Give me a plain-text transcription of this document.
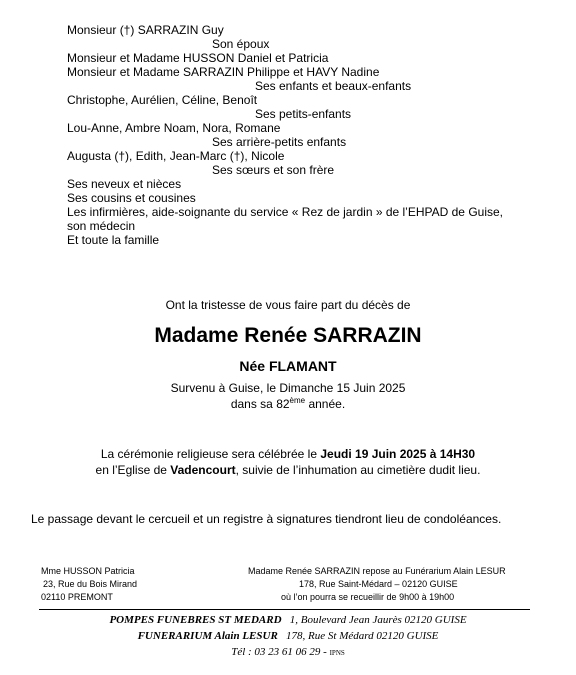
Monsieur (†) SARRAZIN Guy
Son époux
Monsieur et Madame HUSSON Daniel et Patricia
Monsieur et Madame SARRAZIN Philippe et HAVY Nadine
Ses enfants et beaux-enfants
Christophe, Aurélien, Céline, Benoît
Ses petits-enfants
Lou-Anne, Ambre Noam, Nora, Romane
Ses arrière-petits enfants
Augusta (†), Edith, Jean-Marc (†), Nicole
Ses sœurs et son frère
Ses neveux et nièces
Ses cousins et cousines
Les infirmières, aide-soignante du service « Rez de jardin » de l’EHPAD de Guise,
son médecin
Et toute la famille
Ont la tristesse de vous faire part du décès de
Madame Renée SARRAZIN
Née FLAMANT
Survenu à Guise, le Dimanche 15 Juin 2025
dans sa 82ème année.
La cérémonie religieuse sera célébrée le Jeudi 19 Juin 2025 à 14H30
en l’Eglise de Vadencourt, suivie de l’inhumation au cimetière dudit lieu.
Le passage devant le cercueil et un registre à signatures tiendront lieu de condoléances.
Mme HUSSON Patricia
23, Rue du Bois Mirand
02110 PREMONT
Madame Renée SARRAZIN repose au Funérarium Alain LESUR
178, Rue Saint-Médard – 02120 GUISE
où l’on pourra se recueillir de 9h00 à 19h00
POMPES FUNEBRES ST MEDARD 1, Boulevard Jean Jaurès 02120 GUISE
FUNERARIUM Alain LESUR 178, Rue St Médard 02120 GUISE
Tél : 03 23 61 06 29 - IPNS
